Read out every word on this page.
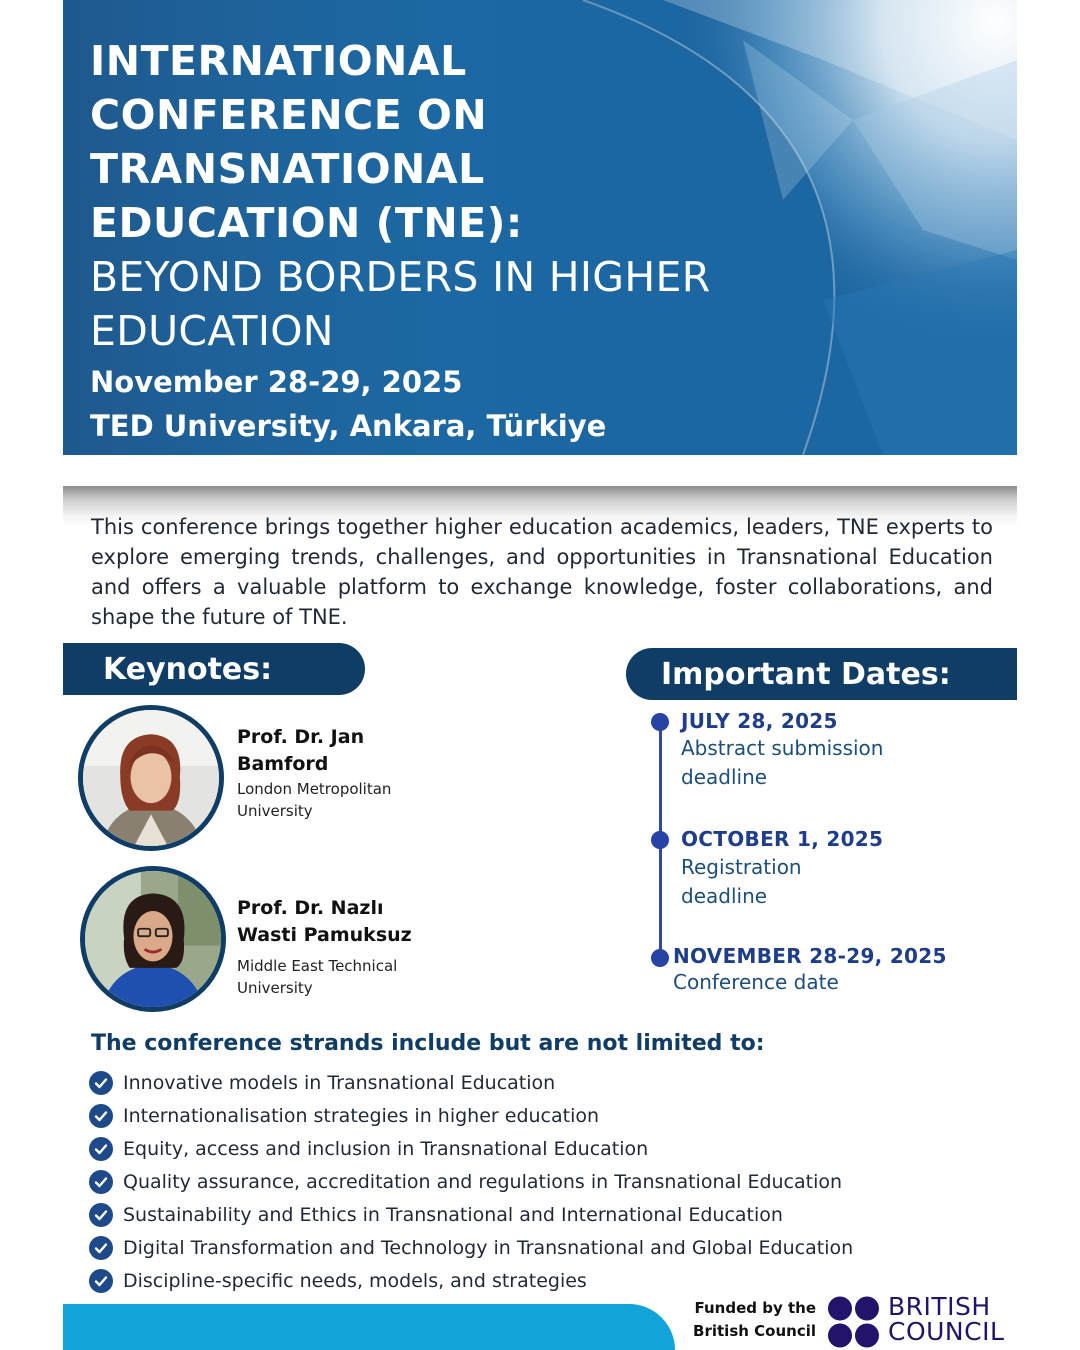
INTERNATIONAL
CONFERENCE ON
TRANSNATIONAL
EDUCATION (TNE):
BEYOND BORDERS IN HIGHER
EDUCATION
November 28-29, 2025
TED University, Ankara, Türkiye

This conference brings together higher education academics, leaders, TNE experts to explore emerging trends, challenges, and opportunities in Transnational Education and offers a valuable platform to exchange knowledge, foster collaborations, and shape the future of TNE.

Keynotes:
Prof. Dr. Jan
Bamford
London Metropolitan
University
Prof. Dr. Nazlı
Wasti Pamuksuz
Middle East Technical
University
Important Dates:
JULY 28, 2025
Abstract submission
deadline
OCTOBER 1, 2025
Registration
deadline
NOVEMBER 28-29, 2025
Conference date
The conference strands include but are not limited to:
Innovative models in Transnational Education
Internationalisation strategies in higher education
Equity, access and inclusion in Transnational Education
Quality assurance, accreditation and regulations in Transnational Education
Sustainability and Ethics in Transnational and International Education
Digital Transformation and Technology in Transnational and Global Education
Discipline-specific needs, models, and strategies
Funded by the
British Council
BRITISH
COUNCIL
